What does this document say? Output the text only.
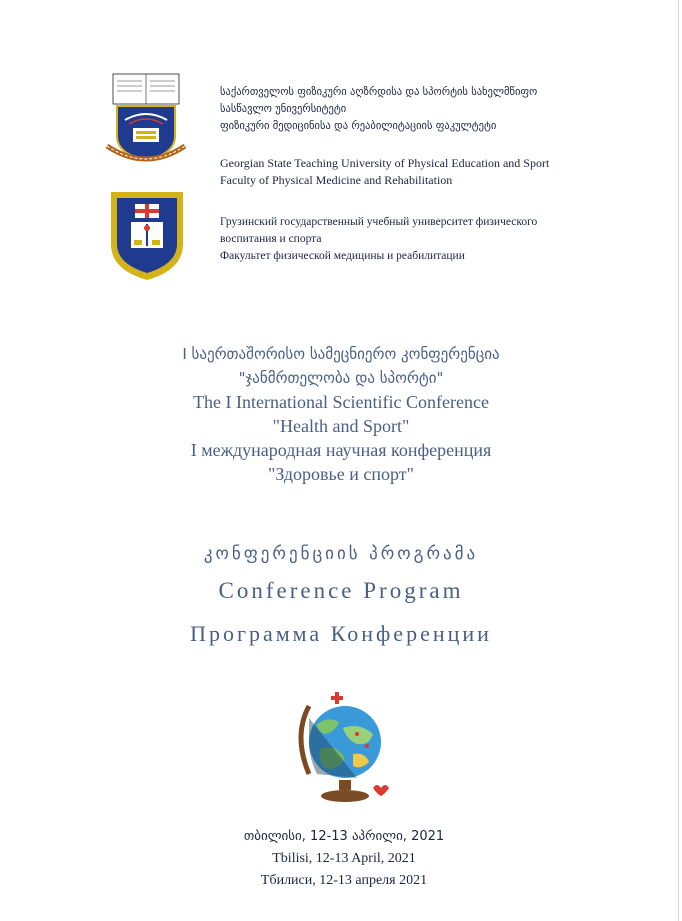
საქართველოს ფიზიკური აღზრდისა და სპორტის სახელმწიფო
სასწავლო უნივერსიტეტი
ფიზიკური მედიცინისა და რეაბილიტაციის ფაკულტეტი
Georgian State Teaching University of Physical Education and Sport
Faculty of Physical Medicine and Rehabilitation
Грузинский государственный учебный университет физического
воспитания и спорта
Факультет физической медицины и реабилитации
I საერთაშორისო სამეცნიერო კონფერენცია
"ჯანმრთელობა და სპორტი"
The I International Scientific Conference
"Health and Sport"
I международная научная конференция
"Здоровье и спорт"
კონფერენციის პროგრამა
Conference Program
Программа Конференции
თბილისი, 12-13 აპრილი, 2021
Tbilisi, 12-13 April, 2021
Тбилиси, 12-13 апреля 2021
